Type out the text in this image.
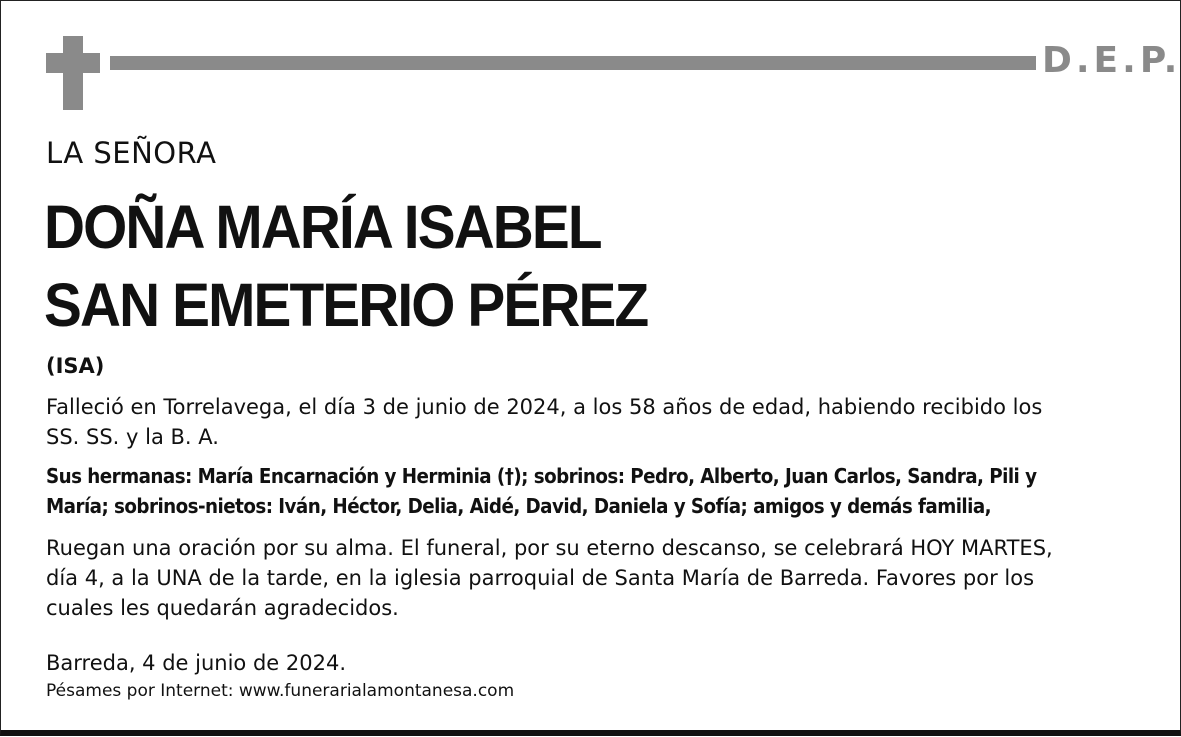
D.E.P.
LA SEÑORA
DOÑA MARÍA ISABEL
SAN EMETERIO PÉREZ
(ISA)
Falleció en Torrelavega, el día 3 de junio de 2024, a los 58 años de edad, habiendo recibido los
SS. SS. y la B. A.
Sus hermanas: María Encarnación y Herminia (†); sobrinos: Pedro, Alberto, Juan Carlos, Sandra, Pili y
María; sobrinos-nietos: Iván, Héctor, Delia, Aidé, David, Daniela y Sofía; amigos y demás familia,
Ruegan una oración por su alma. El funeral, por su eterno descanso, se celebrará HOY MARTES,
día 4, a la UNA de la tarde, en la iglesia parroquial de Santa María de Barreda. Favores por los
cuales les quedarán agradecidos.
Barreda, 4 de junio de 2024.
Pésames por Internet: www.funerarialamontanesa.com
